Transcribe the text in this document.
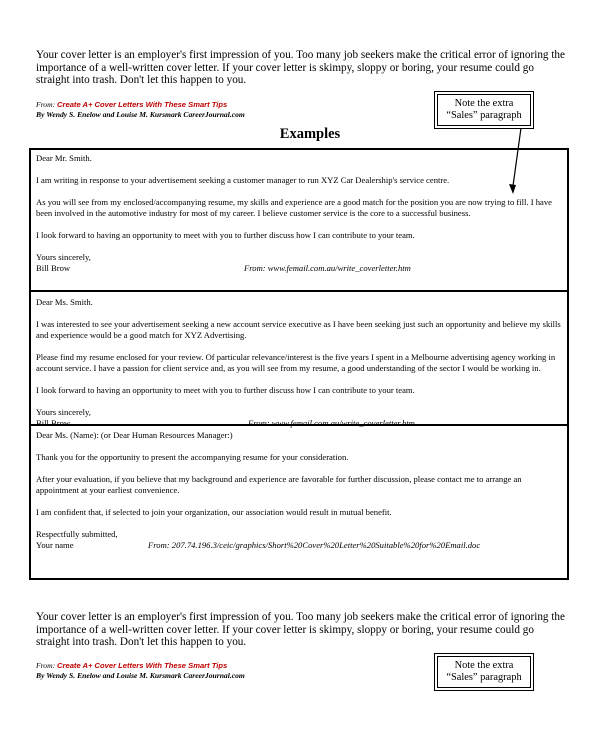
Your cover letter is an employer's first impression of you. Too many job seekers make the critical error of ignoring the importance of a well-written cover letter. If your cover letter is skimpy, sloppy or boring, your resume could go straight into trash. Don't let this happen to you.
From: Create A+ Cover Letters With These Smart Tips
By Wendy S. Enelow and Louise M. Kursmark CareerJournal.com
Note the extra
“Sales” paragraph
Examples

Dear Mr. Smith.

I am writing in response to your advertisement seeking a customer manager to run XYZ Car Dealership's service centre.

As you will see from my enclosed/accompanying resume, my skills and experience are a good match for the position you are now trying to fill. I have been involved in the automotive industry for most of my career. I believe customer service is the core to a successful business.

I look forward to having an opportunity to meet with you to further discuss how I can contribute to your team.

Yours sincerely,

Bill Brow	From: www.femail.com.au/write_coverletter.htm

Dear Ms. Smith.

I was interested to see your advertisement seeking a new account service executive as I have been seeking just such an opportunity and believe my skills and experience would be a good match for XYZ Advertising.

Please find my resume enclosed for your review. Of particular relevance/interest is the five years I spent in a Melbourne advertising agency working in account service. I have a passion for client service and, as you will see from my resume, a good understanding of the sector I would be working in.

I look forward to having an opportunity to meet with you to further discuss how I can contribute to your team.

Yours sincerely,

Bill Brow	From: www.femail.com.au/write_coverletter.htm

Dear Ms. (Name): (or Dear Human Resources Manager:)

Thank you for the opportunity to present the accompanying resume for your consideration.

After your evaluation, if you believe that my background and experience are favorable for further discussion, please contact me to arrange an appointment at your earliest convenience.

I am confident that, if selected to join your organization, our association would result in mutual benefit.

Respectfully submitted,

Your name	From: 207.74.196.3/ceic/graphics/Short%20Cover%20Letter%20Suitable%20for%20Email.doc

Your cover letter is an employer's first impression of you. Too many job seekers make the critical error of ignoring the importance of a well-written cover letter. If your cover letter is skimpy, sloppy or boring, your resume could go straight into trash. Don't let this happen to you.
From: Create A+ Cover Letters With These Smart Tips
By Wendy S. Enelow and Louise M. Kursmark CareerJournal.com
Note the extra
“Sales” paragraph
